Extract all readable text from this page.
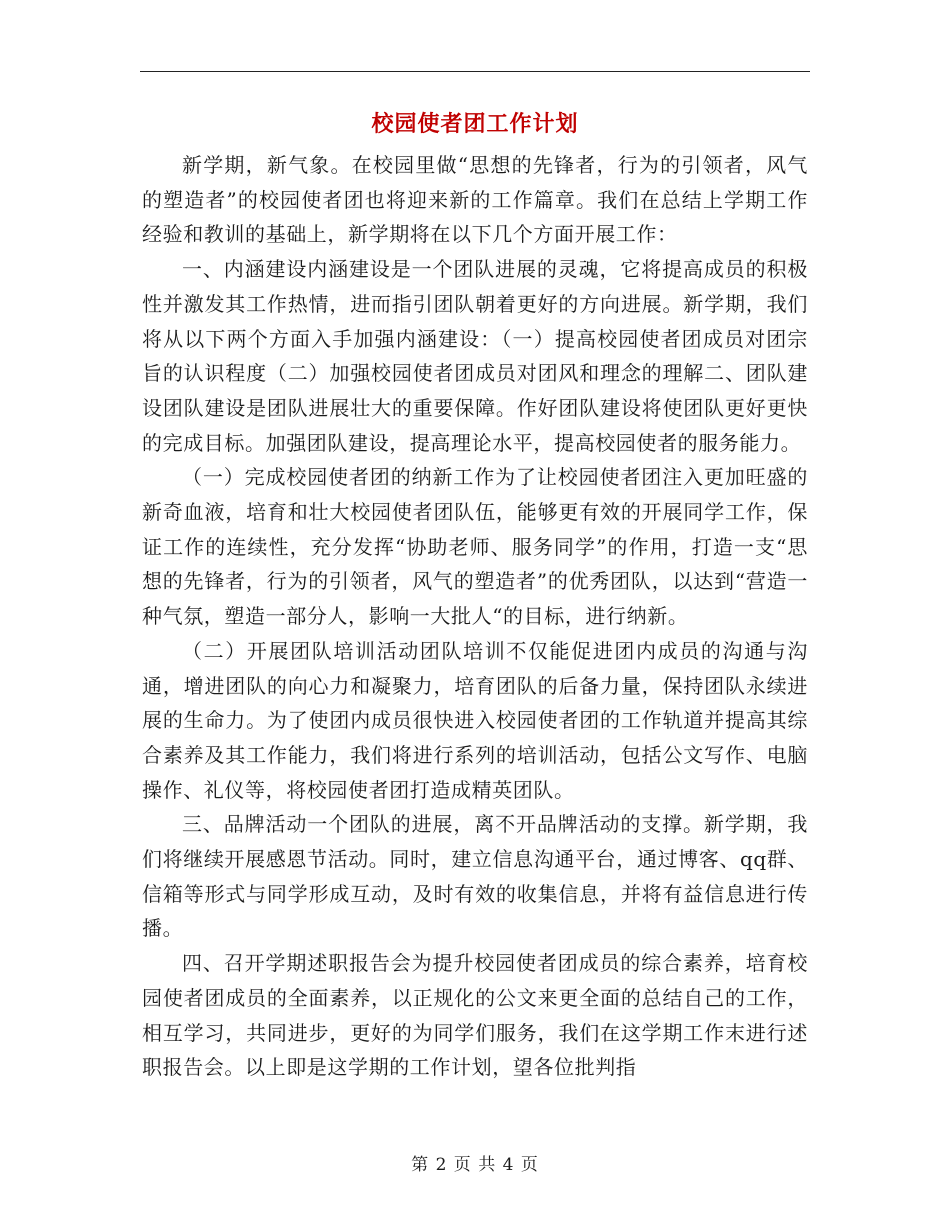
校园使者团工作计划

新学期，新气象。在校园里做“思想的先锋者，行为的引领者，风气的塑造者”的校园使者团也将迎来新的工作篇章。我们在总结上学期工作经验和教训的基础上，新学期将在以下几个方面开展工作：

一、内涵建设内涵建设是一个团队进展的灵魂，它将提高成员的积极性并激发其工作热情，进而指引团队朝着更好的方向进展。新学期，我们将从以下两个方面入手加强内涵建设：（一）提高校园使者团成员对团宗旨的认识程度（二）加强校园使者团成员对团风和理念的理解二、团队建设团队建设是团队进展壮大的重要保障。作好团队建设将使团队更好更快的完成目标。加强团队建设，提高理论水平，提高校园使者的服务能力。

（一）完成校园使者团的纳新工作为了让校园使者团注入更加旺盛的新奇血液，培育和壮大校园使者团队伍，能够更有效的开展同学工作，保证工作的连续性，充分发挥“协助老师、服务同学”的作用，打造一支“思想的先锋者，行为的引领者，风气的塑造者”的优秀团队，以达到“营造一种气氛，塑造一部分人，影响一大批人“的目标，进行纳新。

（二）开展团队培训活动团队培训不仅能促进团内成员的沟通与沟通，增进团队的向心力和凝聚力，培育团队的后备力量，保持团队永续进展的生命力。为了使团内成员很快进入校园使者团的工作轨道并提高其综合素养及其工作能力，我们将进行系列的培训活动，包括公文写作、电脑操作、礼仪等，将校园使者团打造成精英团队。

三、品牌活动一个团队的进展，离不开品牌活动的支撑。新学期，我们将继续开展感恩节活动。同时，建立信息沟通平台，通过博客、qq群、信箱等形式与同学形成互动，及时有效的收集信息，并将有益信息进行传播。

四、召开学期述职报告会为提升校园使者团成员的综合素养，培育校园使者团成员的全面素养，以正规化的公文来更全面的总结自己的工作，相互学习，共同进步，更好的为同学们服务，我们在这学期工作末进行述职报告会。以上即是这学期的工作计划，望各位批判指

第 2 页 共 4 页
